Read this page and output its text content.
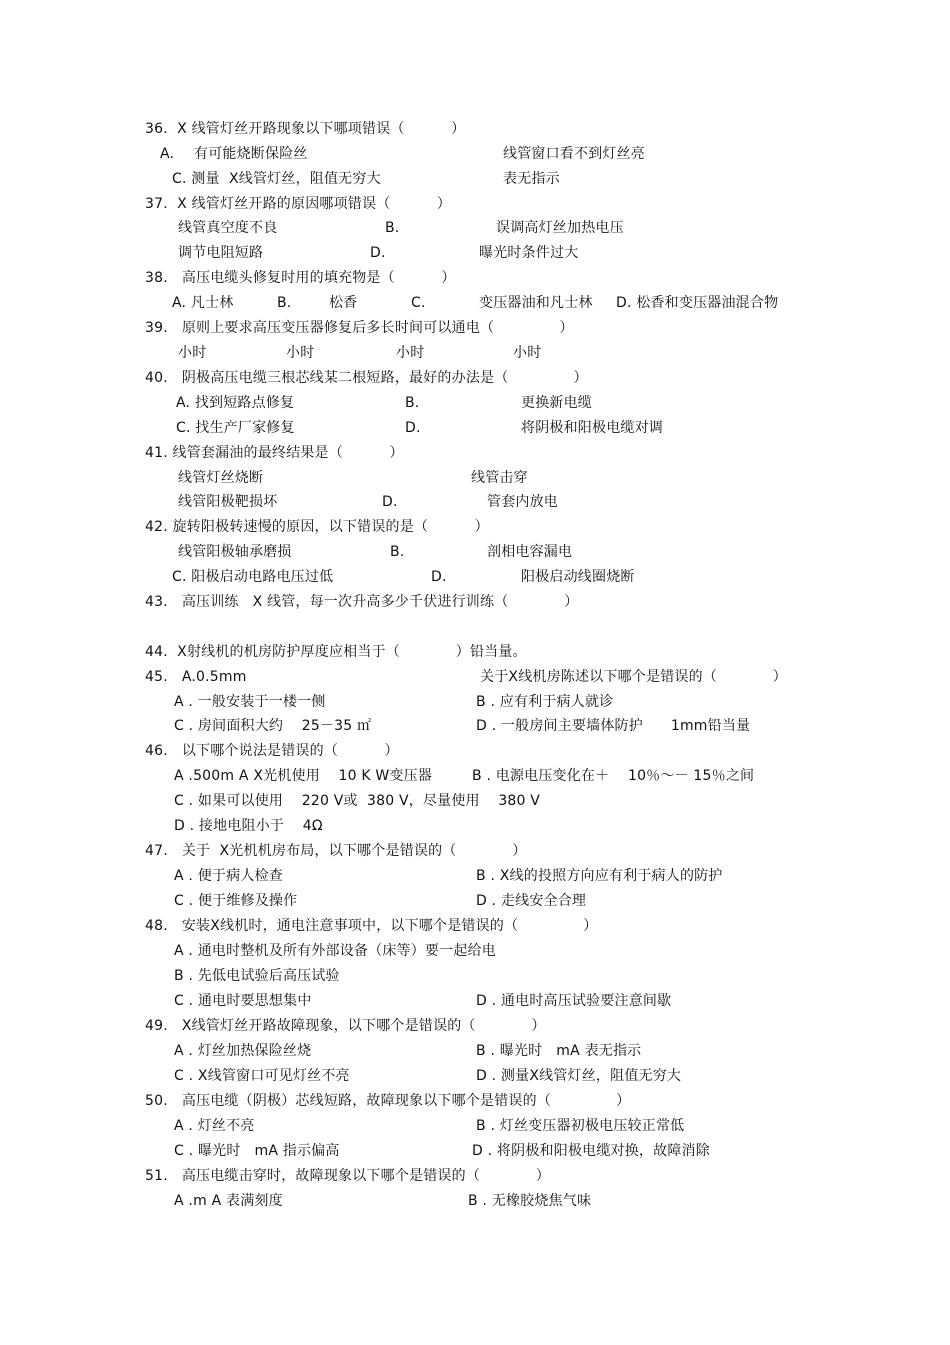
36.  X 线管灯丝开路现象以下哪项错误（          ）
A. 有可能烧断保险丝	线管窗口看不到灯丝亮
C. 测量  X线管灯丝，阻值无穷大	表无指示
37.  X 线管灯丝开路的原因哪项错误（          ）
线管真空度不良	B.	误调高灯丝加热电压
调节电阻短路	D.	曝光时条件过大
38.   高压电缆头修复时用的填充物是（          ）
A. 凡士林	B.	松香	C.	变压器油和凡士林 D. 松香和变压器油混合物
39.   原则上要求高压变压器修复后多长时间可以通电（              ）
小时	小时	小时	小时
40.   阴极高压电缆三根芯线某二根短路，最好的办法是（              ）
A. 找到短路点修复	B.	更换新电缆
C. 找生产厂家修复	D.	将阴极和阳极电缆对调
41. 线管套漏油的最终结果是（          ）
线管灯丝烧断	线管击穿
线管阳极靶损坏	D.	管套内放电
42. 旋转阳极转速慢的原因，以下错误的是（          ）
线管阳极轴承磨损	B.	剖相电容漏电
C. 阳极启动电路电压过低	D.	阳极启动线圈烧断
43.   高压训练   X 线管，每一次升高多少千伏进行训练（            ）
44.  X射线机的机房防护厚度应相当于（            ）铅当量。
45.   A.0.5mm	关于X线机房陈述以下哪个是错误的（            ）
A . 一般安装于一楼一侧	B . 应有利于病人就诊
C . 房间面积大约    25－35 ㎡	D . 一般房间主要墙体防护      1mm铅当量
46.   以下哪个说法是错误的（          ）
A .500m A X光机使用    10 K W变压器	B . 电源电压变化在＋    10％～－ 15％之间
C . 如果可以使用    220 V或  380 V，尽量使用    380 V
D . 接地电阻小于    4Ω
47.   关于  X光机机房布局，以下哪个是错误的（            ）
A . 便于病人检查	B . X线的投照方向应有利于病人的防护
C . 便于维修及操作	D . 走线安全合理
48.   安装X线机时，通电注意事项中，以下哪个是错误的（              ）
A . 通电时整机及所有外部设备（床等）要一起给电
B . 先低电试验后高压试验
C . 通电时要思想集中	D . 通电时高压试验要注意间歇
49.   X线管灯丝开路故障现象，以下哪个是错误的（            ）
A . 灯丝加热保险丝烧	B . 曝光时   mA 表无指示
C . X线管窗口可见灯丝不亮	D . 测量X线管灯丝，阻值无穷大
50.   高压电缆（阴极）芯线短路，故障现象以下哪个是错误的（              ）
A . 灯丝不亮	B . 灯丝变压器初极电压较正常低
C . 曝光时   mA 指示偏高	D . 将阴极和阳极电缆对换，故障消除
51.   高压电缆击穿时，故障现象以下哪个是错误的（            ）
A .m A 表满刻度	B . 无橡胶烧焦气味
